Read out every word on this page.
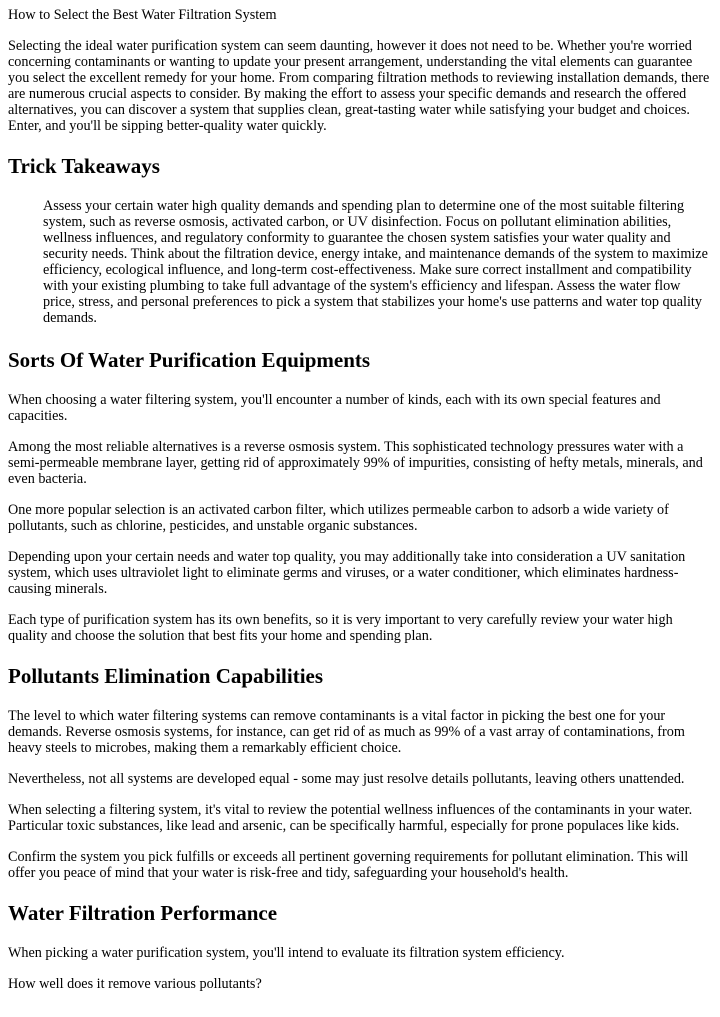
How to Select the Best Water Filtration System

Selecting the ideal water purification system can seem daunting, however it does not need to be. Whether you're worried concerning contaminants or wanting to update your present arrangement, understanding the vital elements can guarantee you select the excellent remedy for your home. From comparing filtration methods to reviewing installation demands, there are numerous crucial aspects to consider. By making the effort to assess your specific demands and research the offered alternatives, you can discover a system that supplies clean, great-tasting water while satisfying your budget and choices. Enter, and you'll be sipping better-quality water quickly.

Trick Takeaways
Assess your certain water high quality demands and spending plan to determine one of the most suitable filtering system, such as reverse osmosis, activated carbon, or UV disinfection. Focus on pollutant elimination abilities, wellness influences, and regulatory conformity to guarantee the chosen system satisfies your water quality and security needs. Think about the filtration device, energy intake, and maintenance demands of the system to maximize efficiency, ecological influence, and long-term cost-effectiveness. Make sure correct installment and compatibility with your existing plumbing to take full advantage of the system's efficiency and lifespan. Assess the water flow price, stress, and personal preferences to pick a system that stabilizes your home's use patterns and water top quality demands.
Sorts Of Water Purification Equipments

When choosing a water filtering system, you'll encounter a number of kinds, each with its own special features and capacities.

Among the most reliable alternatives is a reverse osmosis system. This sophisticated technology pressures water with a semi-permeable membrane layer, getting rid of approximately 99% of impurities, consisting of hefty metals, minerals, and even bacteria.

One more popular selection is an activated carbon filter, which utilizes permeable carbon to adsorb a wide variety of pollutants, such as chlorine, pesticides, and unstable organic substances.

Depending upon your certain needs and water top quality, you may additionally take into consideration a UV sanitation system, which uses ultraviolet light to eliminate germs and viruses, or a water conditioner, which eliminates hardness-causing minerals.

Each type of purification system has its own benefits, so it is very important to very carefully review your water high quality and choose the solution that best fits your home and spending plan.

Pollutants Elimination Capabilities

The level to which water filtering systems can remove contaminants is a vital factor in picking the best one for your demands. Reverse osmosis systems, for instance, can get rid of as much as 99% of a vast array of contaminations, from heavy steels to microbes, making them a remarkably efficient choice.

Nevertheless, not all systems are developed equal - some may just resolve details pollutants, leaving others unattended.

When selecting a filtering system, it's vital to review the potential wellness influences of the contaminants in your water. Particular toxic substances, like lead and arsenic, can be specifically harmful, especially for prone populaces like kids.

Confirm the system you pick fulfills or exceeds all pertinent governing requirements for pollutant elimination. This will offer you peace of mind that your water is risk-free and tidy, safeguarding your household's health.

Water Filtration Performance

When picking a water purification system, you'll intend to evaluate its filtration system efficiency.

How well does it remove various pollutants?
